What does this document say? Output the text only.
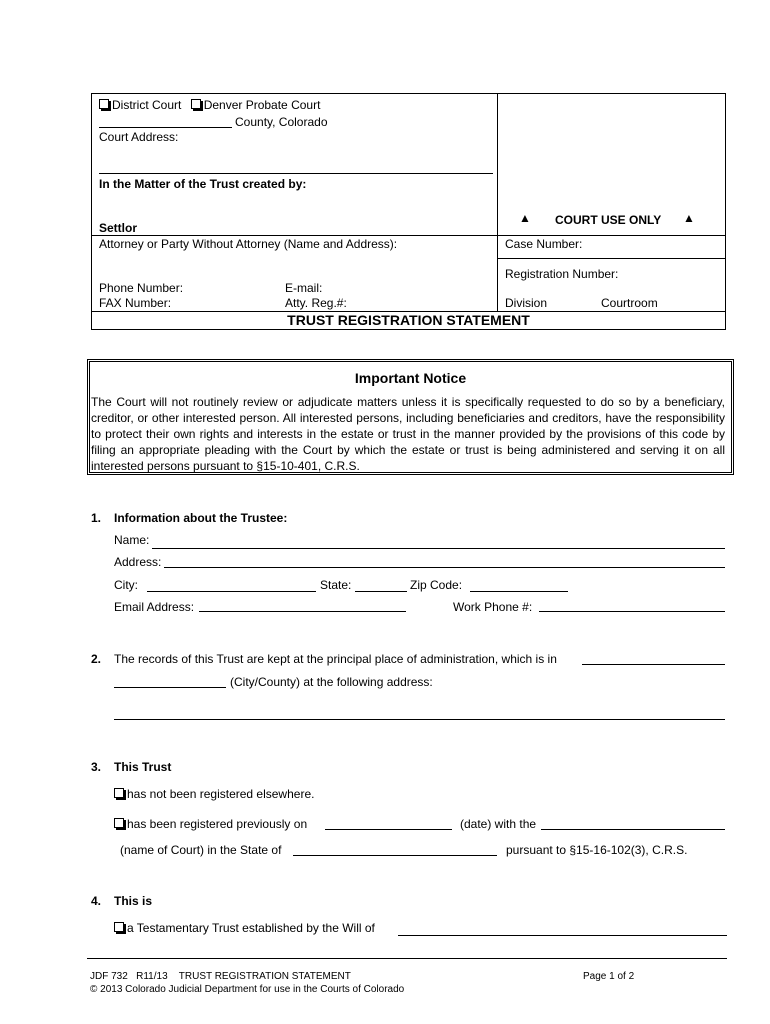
District Court Denver Probate Court
County, Colorado
Court Address:
In the Matter of the Trust created by:
Settlor
Attorney or Party Without Attorney (Name and Address):
Phone Number:	E-mail:
FAX Number:	Atty. Reg.#:
▲ COURT USE ONLY ▲
Case Number:
Registration Number:
Division	Courtroom
TRUST REGISTRATION STATEMENT
Important Notice
The Court will not routinely review or adjudicate matters unless it is specifically requested to do so by a beneficiary, creditor, or other interested person. All interested persons, including beneficiaries and creditors, have the responsibility to protect their own rights and interests in the estate or trust in the manner provided by the provisions of this code by filing an appropriate pleading with the Court by which the estate or trust is being administered and serving it on all interested persons pursuant to §15-10-401, C.R.S.
1. Information about the Trustee:
Name:
Address:
City:	State:	Zip Code:
Email Address:	Work Phone #:
2. The records of this Trust are kept at the principal place of administration, which is in
(City/County) at the following address:
3. This Trust
has not been registered elsewhere.
has been registered previously on	(date) with the
(name of Court) in the State of	pursuant to §15-16-102(3), C.R.S.
4. This is
a Testamentary Trust established by the Will of
JDF 732 R11/13 TRUST REGISTRATION STATEMENT
© 2013 Colorado Judicial Department for use in the Courts of Colorado
Page 1 of 2
